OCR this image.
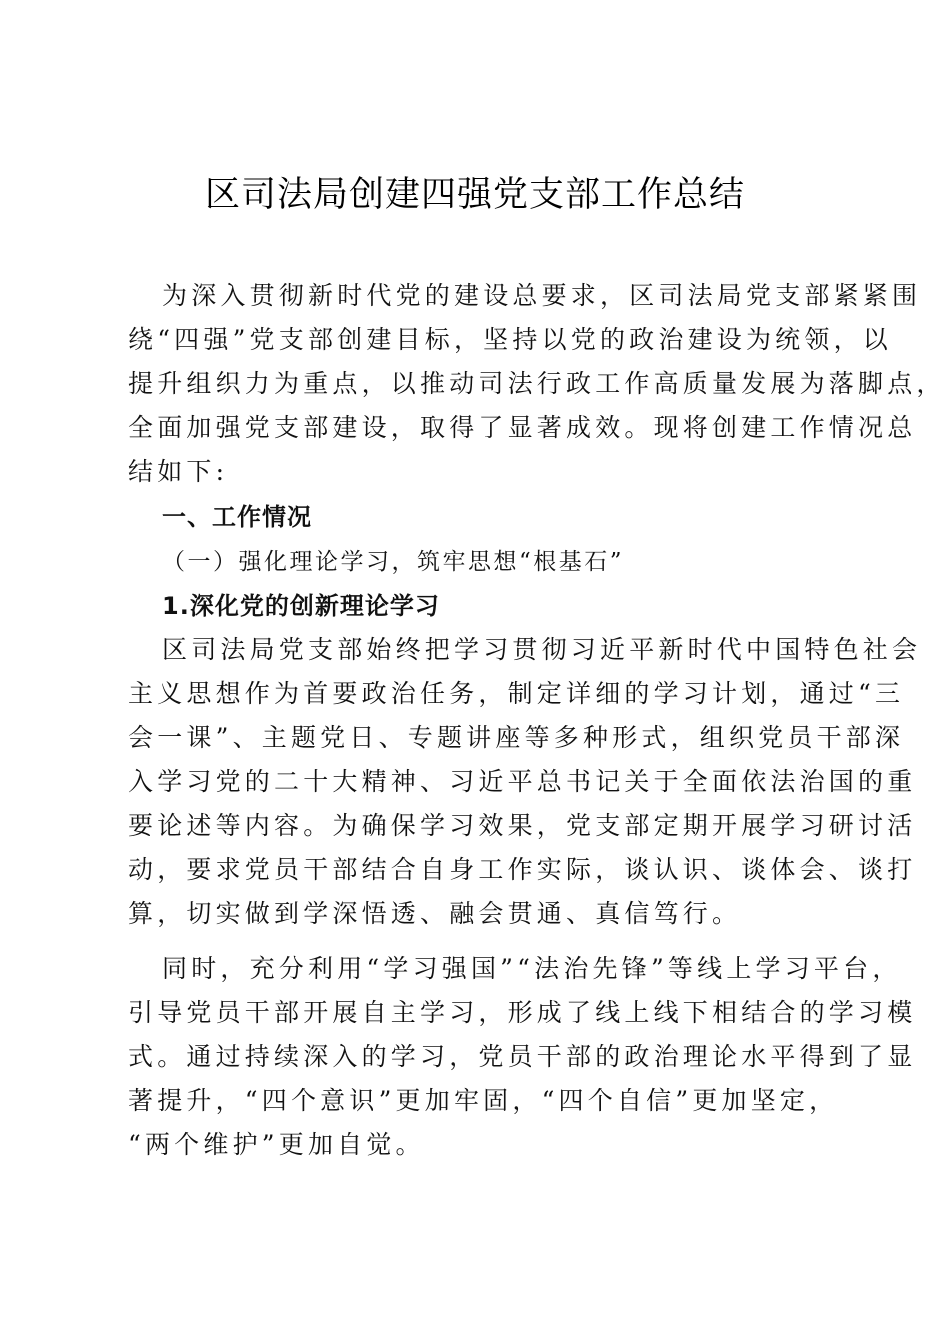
区司法局创建四强党支部工作总结
为深入贯彻新时代党的建设总要求，区司法局党支部紧紧围
绕“四强”党支部创建目标，坚持以党的政治建设为统领，以
提升组织力为重点，以推动司法行政工作高质量发展为落脚点，
全面加强党支部建设，取得了显著成效。现将创建工作情况总
结如下:
一、工作情况
（一）强化理论学习，筑牢思想“根基石”
1.深化党的创新理论学习
区司法局党支部始终把学习贯彻习近平新时代中国特色社会
主义思想作为首要政治任务，制定详细的学习计划，通过“三
会一课”、主题党日、专题讲座等多种形式，组织党员干部深
入学习党的二十大精神、习近平总书记关于全面依法治国的重
要论述等内容。为确保学习效果，党支部定期开展学习研讨活
动，要求党员干部结合自身工作实际，谈认识、谈体会、谈打
算，切实做到学深悟透、融会贯通、真信笃行。
同时，充分利用“学习强国”“法治先锋”等线上学习平台，
引导党员干部开展自主学习，形成了线上线下相结合的学习模
式。通过持续深入的学习，党员干部的政治理论水平得到了显
著提升，“四个意识”更加牢固，“四个自信”更加坚定，
“两个维护”更加自觉。
